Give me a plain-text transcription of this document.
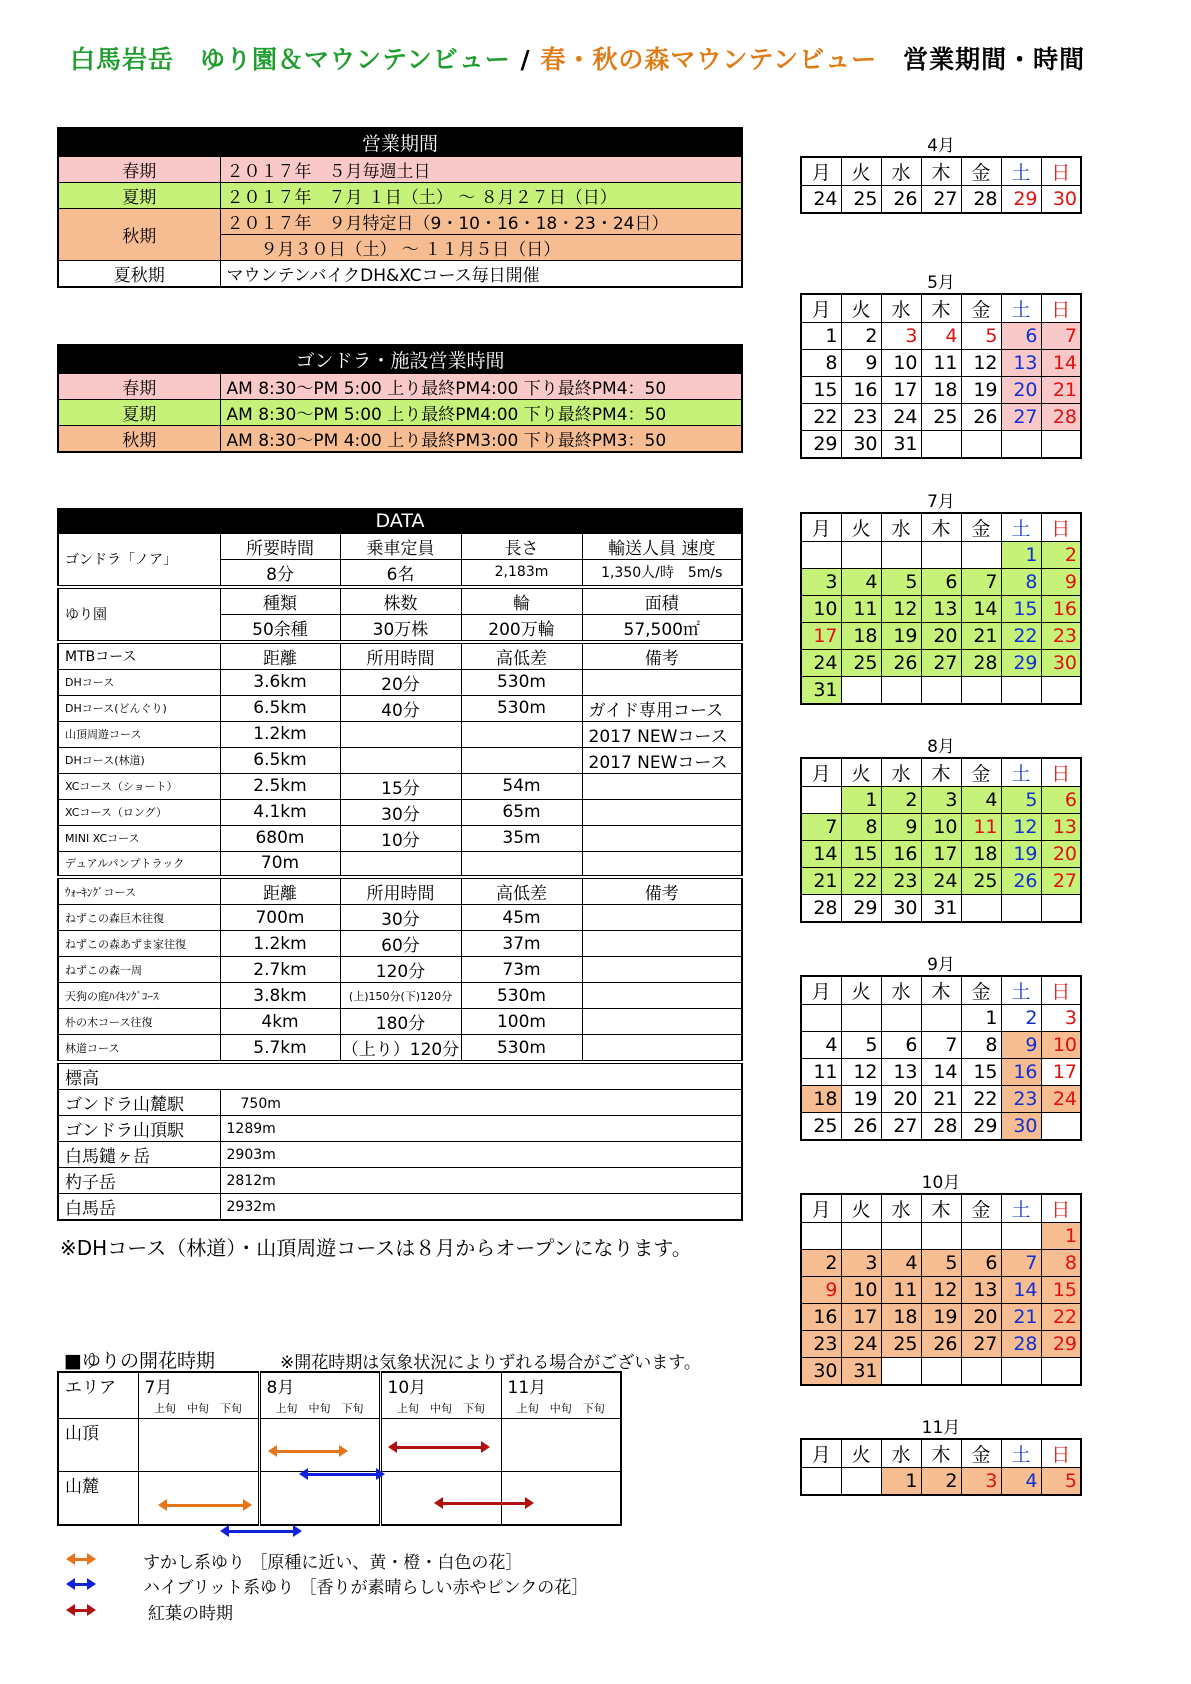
白馬岩岳　ゆり園＆マウンテンビュー / 春・秋の森マウンテンビュー　 営業期間・時間
営業期間	
春期	２０１７年　５月毎週土日
夏期	２０１７年　７月 １日（土） ～ ８月２７日（日）
秋期	２０１７年　９月特定日（9・10・16・18・23・24日）
	　　９月３０日（土） ～ １１月５日（日）
夏秋期	マウンテンバイクDH&XCコース毎日開催
ゴンドラ・施設営業時間	
春期	AM 8:30～PM 5:00 上り最終PM4:00 下り最終PM4：50
夏期	AM 8:30～PM 5:00 上り最終PM4:00 下り最終PM4：50
秋期	AM 8:30～PM 4:00 上り最終PM3:00 下り最終PM3：50
DATA				
ゴンドラ「ノア」	所要時間	乗車定員	長さ	輸送人員 速度
	8分	6名	2,183m	1,350人/時　5m/s
ゆり園	種類	株数	輪	面積
	50余種	30万株	200万輪	57,500㎡
MTBコース	距離	所用時間	高低差	備考
DHコース	3.6km	20分	530m	
DHコース(どんぐり)	6.5km	40分	530m	ガイド専用コース
山頂周遊コース	1.2km			2017 NEWコース
DHコース(林道)	6.5km			2017 NEWコース
XCコース（ショート）	2.5km	15分	54m	
XCコース（ロング）	4.1km	30分	65m	
MINI XCコース	680m	10分	35m	
デュアルパンプトラック	70m			
ｳｫｰｷﾝｸﾞコース	距離	所用時間	高低差	備考
ねずこの森巨木往復	700m	30分	45m	
ねずこの森あずま家往復	1.2km	60分	37m	
ねずこの森一周	2.7km	120分	73m	
天狗の庭ﾊｲｷﾝｸﾞｺｰｽ	3.8km	(上)150分(下)120分	530m	
朴の木コース往復	4km	180分	100m	
林道コース	5.7km	（上り）120分	530m	
標高				
ゴンドラ山麓駅	　750m			
ゴンドラ山頂駅	1289m			
白馬鑓ヶ岳	2903m			
杓子岳	2812m			
白馬岳	2932m			
※DHコース（林道）・山頂周遊コースは８月からオープンになります。
■ゆりの開花時期	※開花時期は気象状況によりずれる場合がございます。
エリア	7月	8月	10月	11月
	上旬　 中旬　 下旬	上旬　 中旬　 下旬	上旬　 中旬　 下旬	上旬　 中旬　 下旬
山頂				
山麓				
すかし系ゆり ［原種に近い、黄・橙・白色の花］
ハイブリット系ゆり ［香りが素晴らしい赤やピンクの花］
紅葉の時期
4月						
月	火	水	木	金	土	日
24	25	26	27	28	29	30
5月						
月	火	水	木	金	土	日
1	2	3	4	5	6	7
8	9	10	11	12	13	14
15	16	17	18	19	20	21
22	23	24	25	26	27	28
29	30	31				
7月						
月	火	水	木	金	土	日
					1	2
3	4	5	6	7	8	9
10	11	12	13	14	15	16
17	18	19	20	21	22	23
24	25	26	27	28	29	30
31						
8月						
月	火	水	木	金	土	日
	1	2	3	4	5	6
7	8	9	10	11	12	13
14	15	16	17	18	19	20
21	22	23	24	25	26	27
28	29	30	31			
9月						
月	火	水	木	金	土	日
				1	2	3
4	5	6	7	8	9	10
11	12	13	14	15	16	17
18	19	20	21	22	23	24
25	26	27	28	29	30	
10月						
月	火	水	木	金	土	日
						1
2	3	4	5	6	7	8
9	10	11	12	13	14	15
16	17	18	19	20	21	22
23	24	25	26	27	28	29
30	31					
11月						
月	火	水	木	金	土	日
		1	2	3	4	5
